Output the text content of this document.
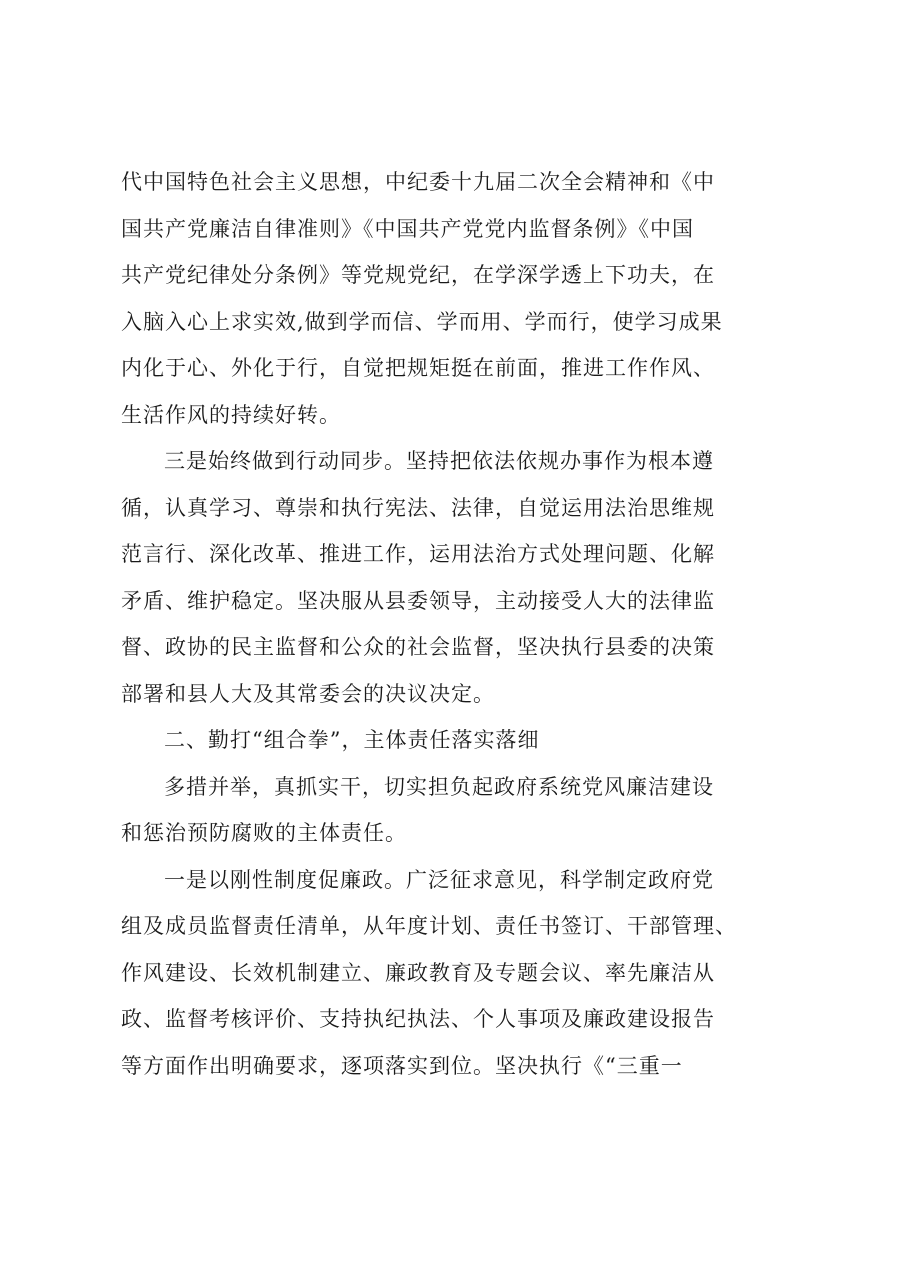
代中国特色社会主义思想，中纪委十九届二次全会精神和《中
国共产党廉洁自律准则》《中国共产党党内监督条例》《中国
共产党纪律处分条例》等党规党纪，在学深学透上下功夫，在
入脑入心上求实效,做到学而信、学而用、学而行，使学习成果
内化于心、外化于行，自觉把规矩挺在前面，推进工作作风、
生活作风的持续好转。
三是始终做到行动同步。坚持把依法依规办事作为根本遵
循，认真学习、尊崇和执行宪法、法律，自觉运用法治思维规
范言行、深化改革、推进工作，运用法治方式处理问题、化解
矛盾、维护稳定。坚决服从县委领导，主动接受人大的法律监
督、政协的民主监督和公众的社会监督，坚决执行县委的决策
部署和县人大及其常委会的决议决定。
二、勤打“组合拳”，主体责任落实落细
多措并举，真抓实干，切实担负起政府系统党风廉洁建设
和惩治预防腐败的主体责任。
一是以刚性制度促廉政。广泛征求意见，科学制定政府党
组及成员监督责任清单，从年度计划、责任书签订、干部管理、
作风建设、长效机制建立、廉政教育及专题会议、率先廉洁从
政、监督考核评价、支持执纪执法、个人事项及廉政建设报告
等方面作出明确要求，逐项落实到位。坚决执行《“三重一
